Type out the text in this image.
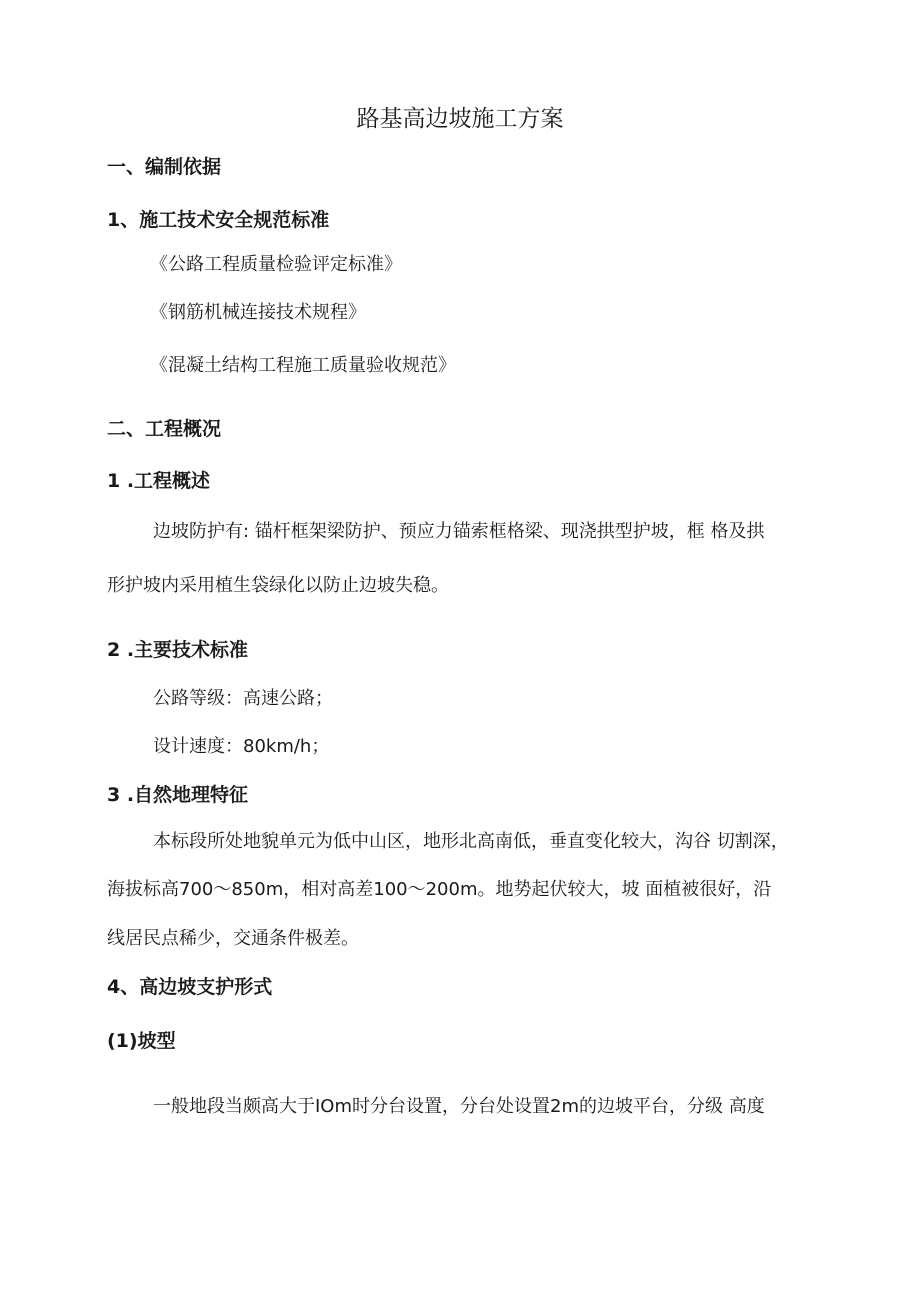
路基高边坡施工方案
一、编制依据
1、施工技术安全规范标准
《公路工程质量检验评定标准》
《钢筋机械连接技术规程》
《混凝土结构工程施工质量验收规范》
二、工程概况
1 .工程概述
边坡防护有: 锚杆框架梁防护、预应力锚索框格梁、现浇拱型护坡，框 格及拱
形护坡内采用植生袋绿化以防止边坡失稳。
2 .主要技术标准
公路等级：高速公路；
设计速度：80km/h；
3 .自然地理特征
本标段所处地貌单元为低中山区，地形北高南低，垂直变化较大，沟谷 切割深，
海拔标高700～850m，相对高差100～200m。地势起伏较大，坡 面植被很好，沿
线居民点稀少，交通条件极差。
4、高边坡支护形式
(1)坡型
一般地段当颇高大于IOm时分台设置，分台处设置2m的边坡平台，分级 高度
